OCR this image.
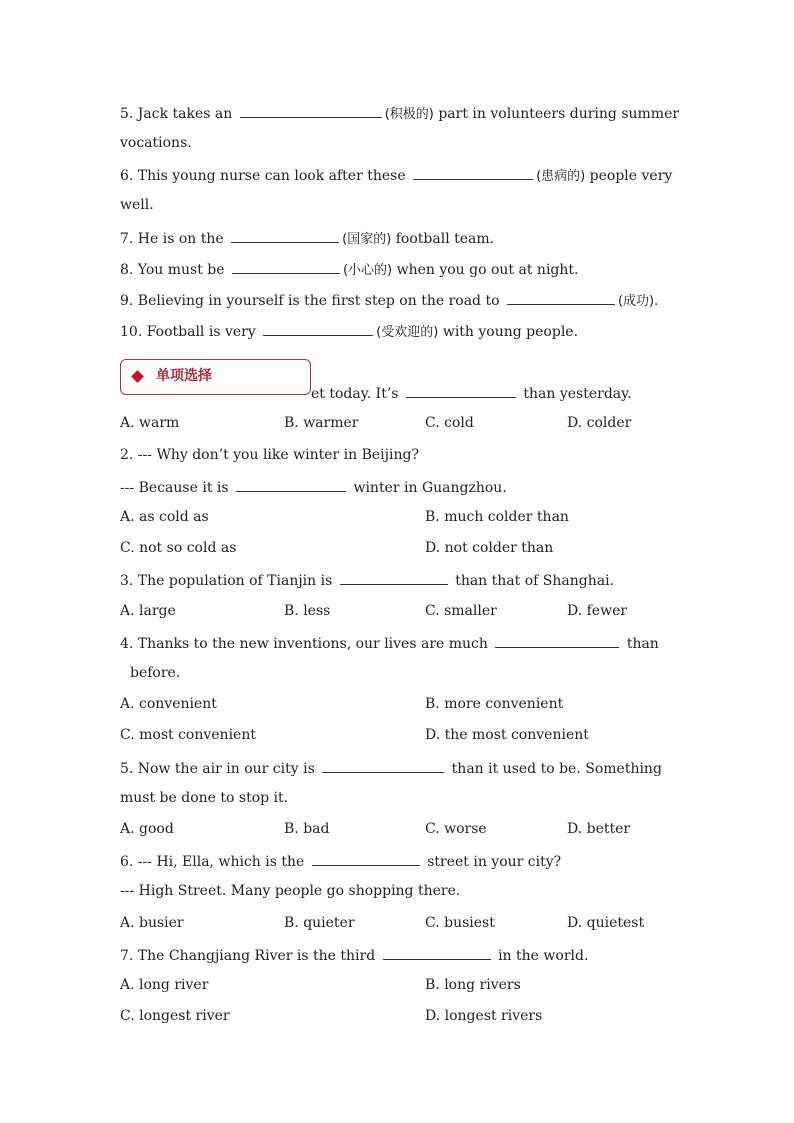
5. Jack takes an	(积极的) part in volunteers during summer
vocations.
6. This young nurse can look after these	(患病的) people very
well.
7. He is on the	(国家的) football team.
8. You must be	(小心的) when you go out at night.
9. Believing in yourself is the first step on the road to	(成功).
10. Football is very	(受欢迎的) with young people.
et today. It’s	than yesterday.
单项选择
A. warm	B. warmer	C. cold	D. colder
2. --- Why don’t you like winter in Beijing?
--- Because it is	winter in Guangzhou.
A. as cold as	B. much colder than
C. not so cold as	D. not colder than
3. The population of Tianjin is	than that of Shanghai.
A. large	B. less	C. smaller	D. fewer
4. Thanks to the new inventions, our lives are much	than
before.
A. convenient	B. more convenient
C. most convenient	D. the most convenient
5. Now the air in our city is	than it used to be. Something
must be done to stop it.
A. good	B. bad	C. worse	D. better
6. --- Hi, Ella, which is the	street in your city?
--- High Street. Many people go shopping there.
A. busier	B. quieter	C. busiest	D. quietest
7. The Changjiang River is the third	in the world.
A. long river	B. long rivers
C. longest river	D. longest rivers
